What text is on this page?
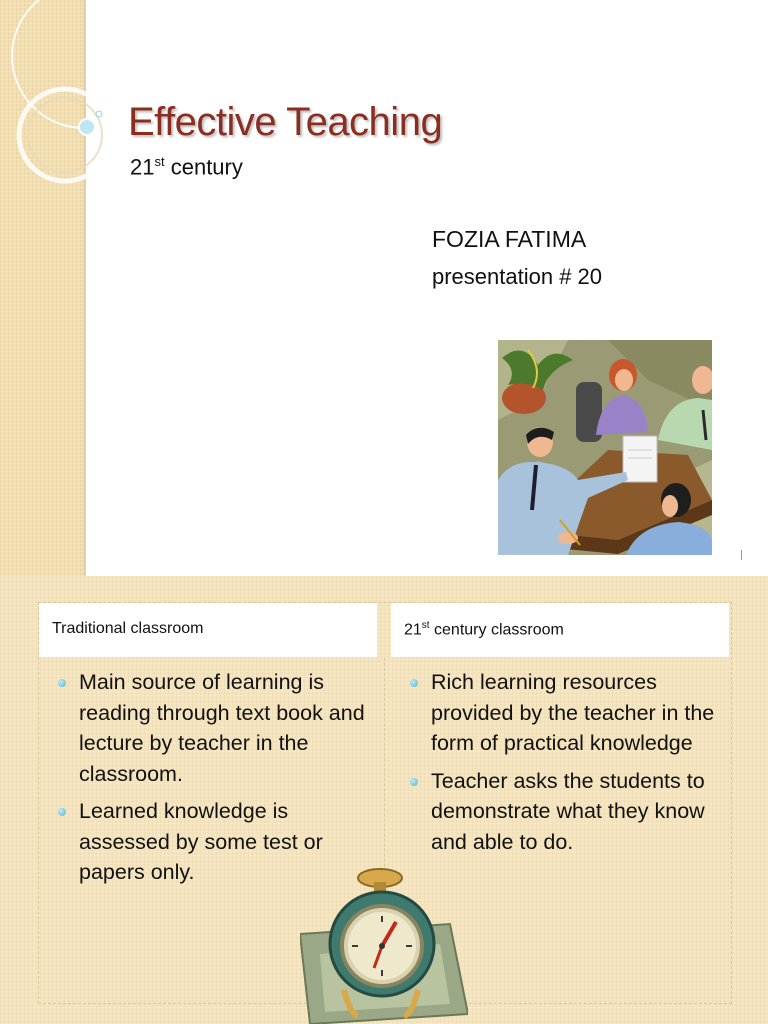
Effective Teaching
21st century
FOZIA FATIMA
presentation # 20
Traditional classroom
Main source of learning is reading through text book and lecture by teacher in the classroom.
Learned knowledge is assessed by some test or papers only.
21st century classroom
Rich learning resources provided by the teacher in the form of practical knowledge
Teacher asks the students to demonstrate what they know and able to do.
